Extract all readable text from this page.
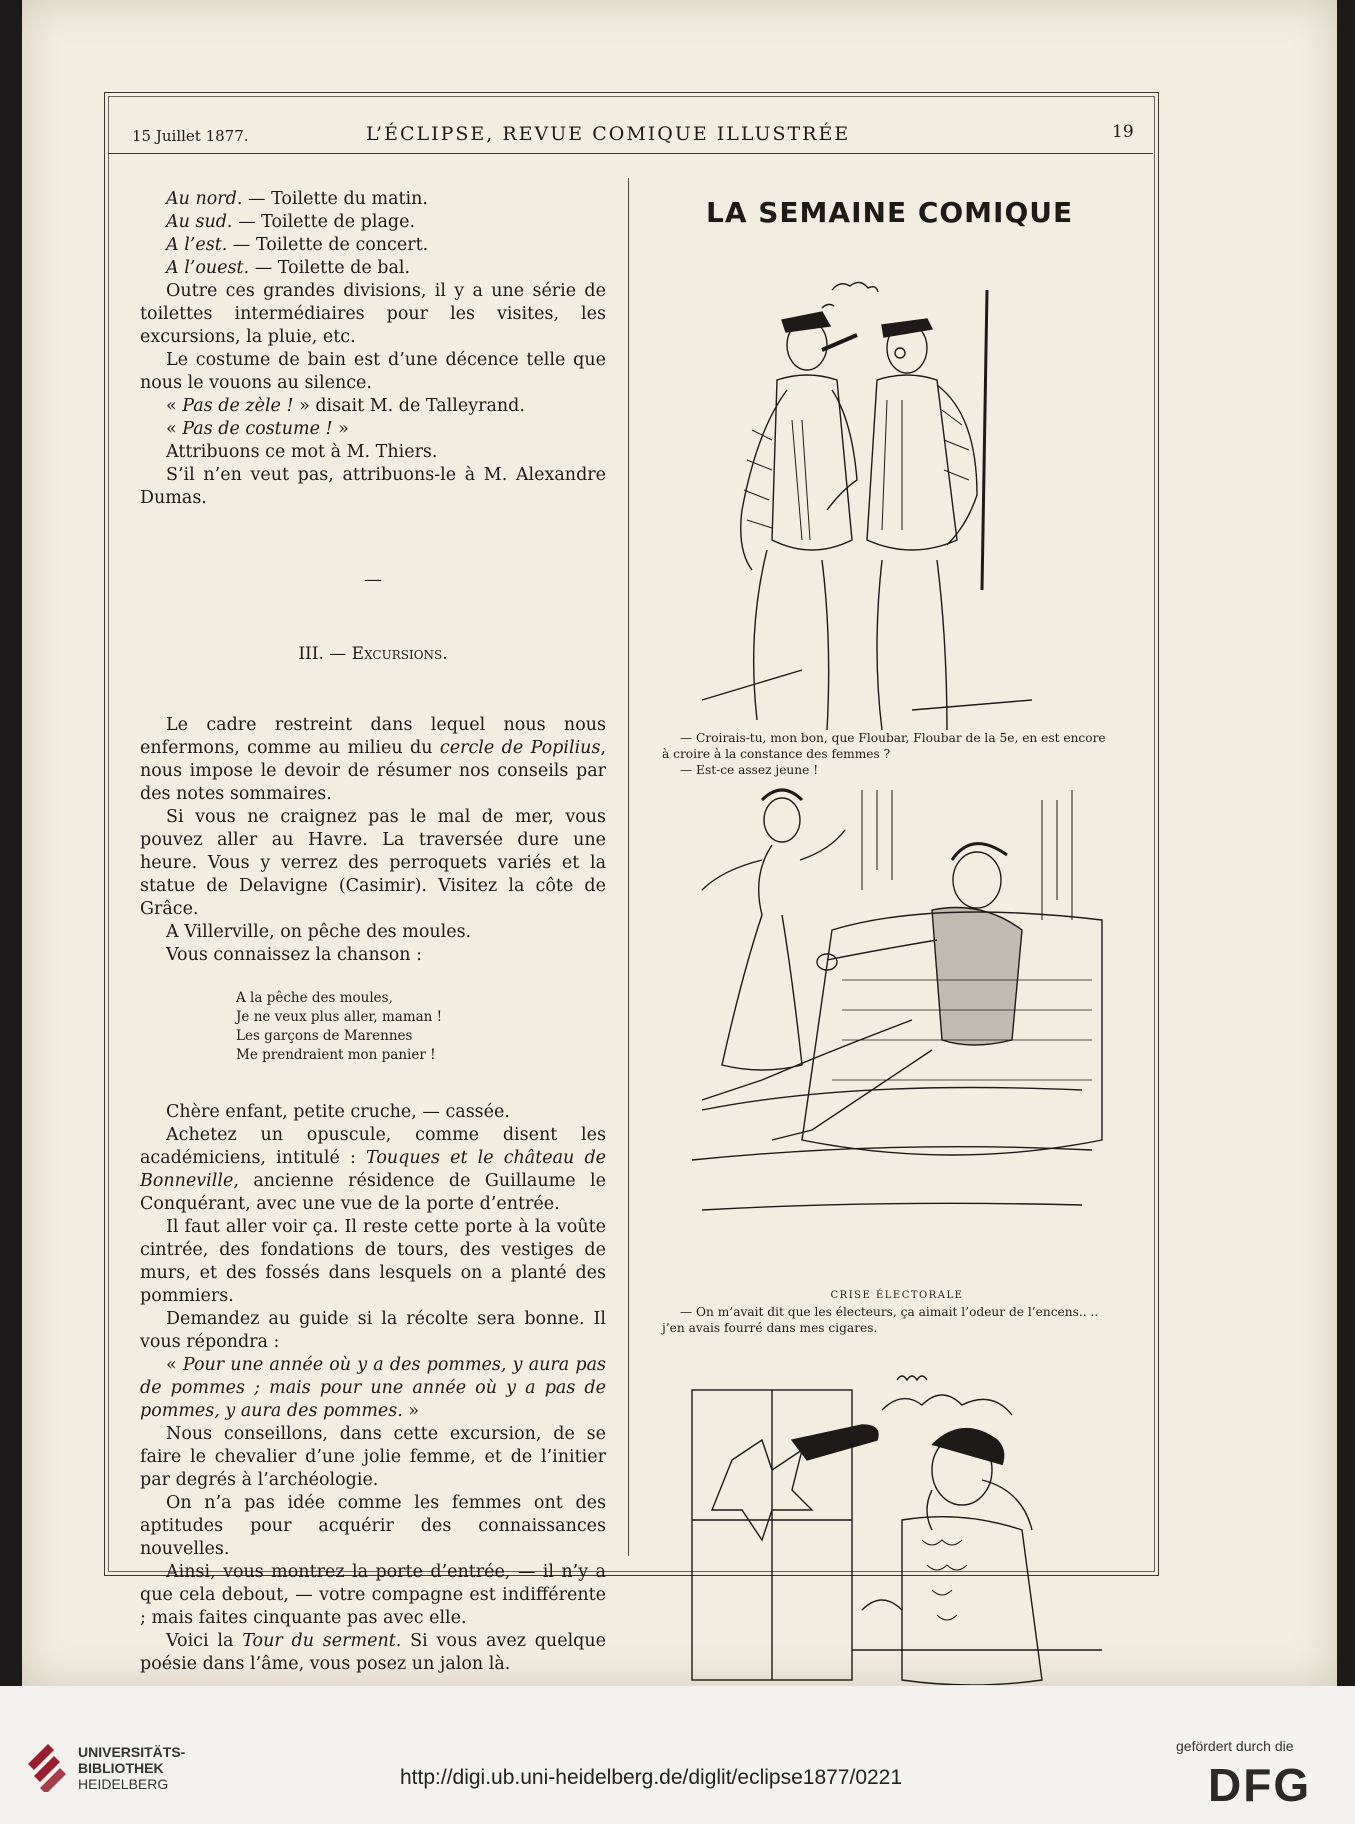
15 Juillet 1877.	L’ÉCLIPSE, REVUE COMIQUE ILLUSTRÉE	19

Au nord. — Toilette du matin.

Au sud. — Toilette de plage.

A l’est. — Toilette de concert.

A l’ouest. — Toilette de bal.

Outre ces grandes divisions, il y a une série de toilettes intermédiaires pour les visites, les excursions, la pluie, etc.

Le costume de bain est d’une décence telle que nous le vouons au silence.

« Pas de zèle ! » disait M. de Talleyrand.

« Pas de costume ! »

Attribuons ce mot à M. Thiers.

S’il n’en veut pas, attribuons-le à M. Alexandre Dumas.

—
III. — Excursions.

Le cadre restreint dans lequel nous nous enfermons, comme au milieu du cercle de Popilius, nous impose le devoir de résumer nos conseils par des notes sommaires.

Si vous ne craignez pas le mal de mer, vous pouvez aller au Havre. La traversée dure une heure. Vous y verrez des perroquets variés et la statue de Delavigne (Casimir). Visitez la côte de Grâce.

A Villerville, on pêche des moules.

Vous connaissez la chanson :

A la pêche des moules,
Je ne veux plus aller, maman !
Les garçons de Marennes
Me prendraient mon panier !

Chère enfant, petite cruche, — cassée.

Achetez un opuscule, comme disent les académiciens, intitulé : Touques et le château de Bonneville, ancienne résidence de Guillaume le Conquérant, avec une vue de la porte d’entrée.

Il faut aller voir ça. Il reste cette porte à la voûte cintrée, des fondations de tours, des vestiges de murs, et des fossés dans lesquels on a planté des pommiers.

Demandez au guide si la récolte sera bonne. Il vous répondra :

« Pour une année où y a des pommes, y aura pas de pommes ; mais pour une année où y a pas de pommes, y aura des pommes. »

Nous conseillons, dans cette excursion, de se faire le chevalier d’une jolie femme, et de l’initier par degrés à l’archéologie.

On n’a pas idée comme les femmes ont des aptitudes pour acquérir des connaissances nouvelles.

Ainsi, vous montrez la porte d’entrée, — il n’y a que cela debout, — votre compagne est indifférente ; mais faites cinquante pas avec elle.

Voici la Tour du serment. Si vous avez quelque poésie dans l’âme, vous posez un jalon là.

LA SEMAINE COMIQUE
— Croirais-tu, mon bon, que Floubar, Floubar de la 5e, en est encore
à croire à la constance des femmes ?
— Est-ce assez jeune !
CRISE ÉLECTORALE
— On m’avait dit que les électeurs, ça aimait l’odeur de l’encens.. ..
j’en avais fourré dans mes cigares.
UNIVERSITÄTS-
BIBLIOTHEK
HEIDELBERG	http://digi.ub.uni-heidelberg.de/diglit/eclipse1877/0221
gefördert durch die
DFG
